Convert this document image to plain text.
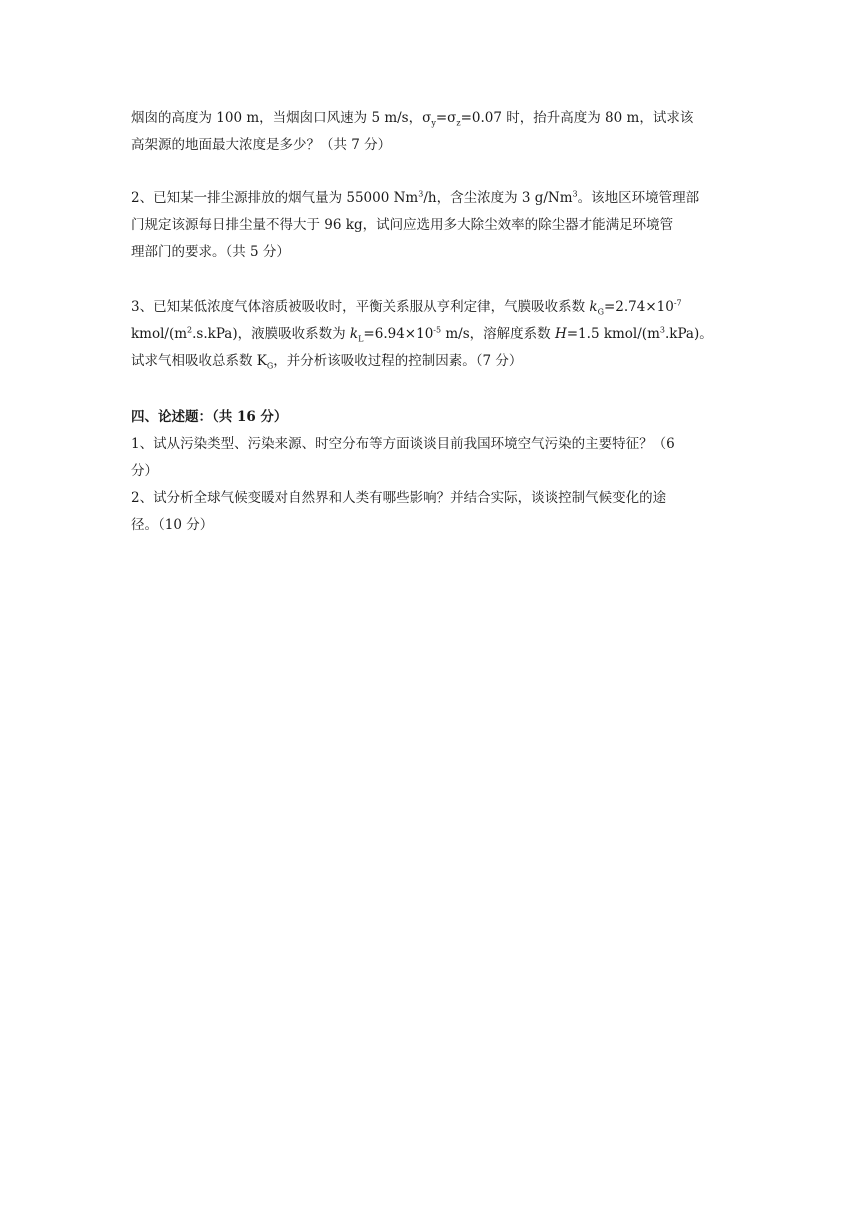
烟囱的高度为 100 m，当烟囱口风速为 5 m/s，$\sigma_y=\sigma_z=0.07$ 时，抬升高度为 80 m，试求该
高架源的地面最大浓度是多少？（共 7 分）
2、已知某一排尘源排放的烟气量为 55000 Nm$^3$/h，含尘浓度为 3 g/Nm$^3$。该地区环境管理部
门规定该源每日排尘量不得大于 96 kg，试问应选用多大除尘效率的除尘器才能满足环境管
理部门的要求。（共 5 分）
3、已知某低浓度气体溶质被吸收时，平衡关系服从亨利定律，气膜吸收系数 $k_G=2.74\times 10^{-7}$
kmol/$(m^2.s.kPa)$，液膜吸收系数为 $k_L=6.94\times 10^{-5}$ m/s，溶解度系数 H=1.5 kmol/$(m^3.kPa)$。
试求气相吸收总系数 $K_G$，并分析该吸收过程的控制因素。（7 分）
四、论述题：（共 16 分）
1、试从污染类型、污染来源、时空分布等方面谈谈目前我国环境空气污染的主要特征？（6
分）
2、试分析全球气候变暖对自然界和人类有哪些影响？并结合实际，谈谈控制气候变化的途
径。（10 分）
